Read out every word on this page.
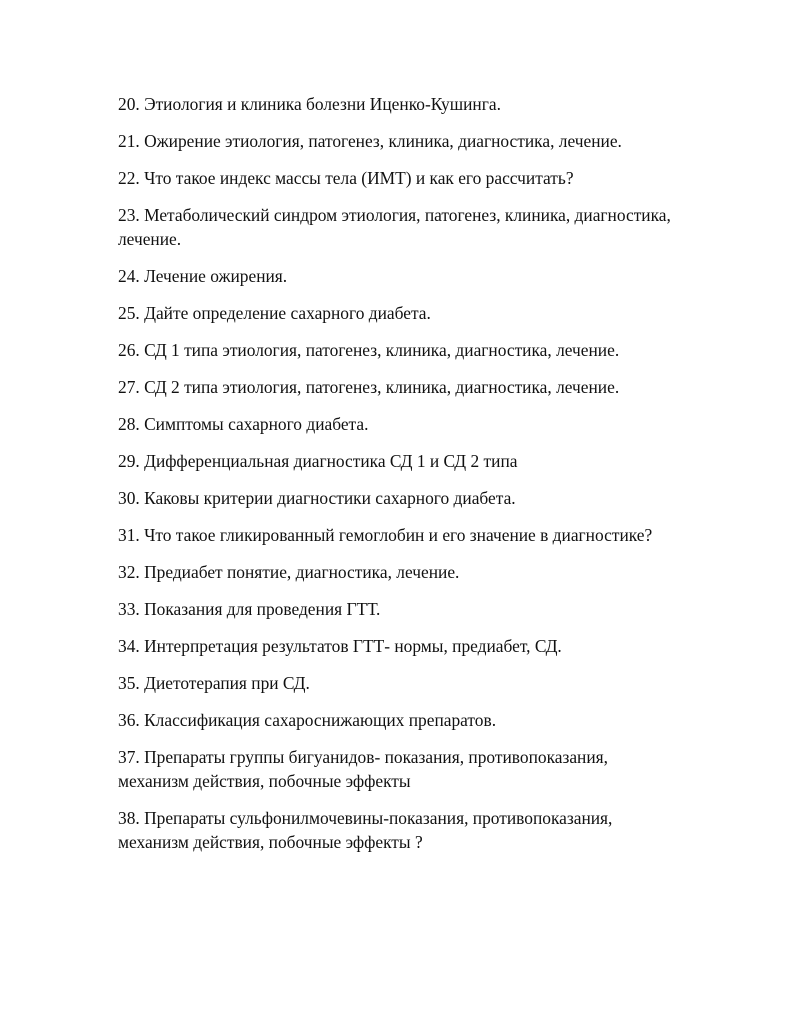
20. Этиология и клиника болезни Иценко-Кушинга.
21. Ожирение этиология, патогенез, клиника, диагностика, лечение.
22. Что такое индекс массы тела (ИМТ) и как его рассчитать?
23. Метаболический синдром этиология, патогенез, клиника, диагностика, лечение.
24. Лечение ожирения.
25. Дайте определение сахарного диабета.
26. СД 1 типа этиология, патогенез, клиника, диагностика, лечение.
27. СД 2 типа этиология, патогенез, клиника, диагностика, лечение.
28. Симптомы сахарного диабета.
29. Дифференциальная диагностика СД 1 и СД 2 типа
30. Каковы критерии диагностики сахарного диабета.
31. Что такое гликированный гемоглобин и его значение в диагностике?
32. Предиабет понятие, диагностика, лечение.
33. Показания для проведения ГТТ.
34. Интерпретация результатов ГТТ- нормы, предиабет, СД.
35. Диетотерапия при СД.
36. Классификация сахароснижающих препаратов.
37. Препараты группы бигуанидов- показания, противопоказания, механизм действия, побочные эффекты
38. Препараты сульфонилмочевины-показания, противопоказания, механизм действия, побочные эффекты ?
